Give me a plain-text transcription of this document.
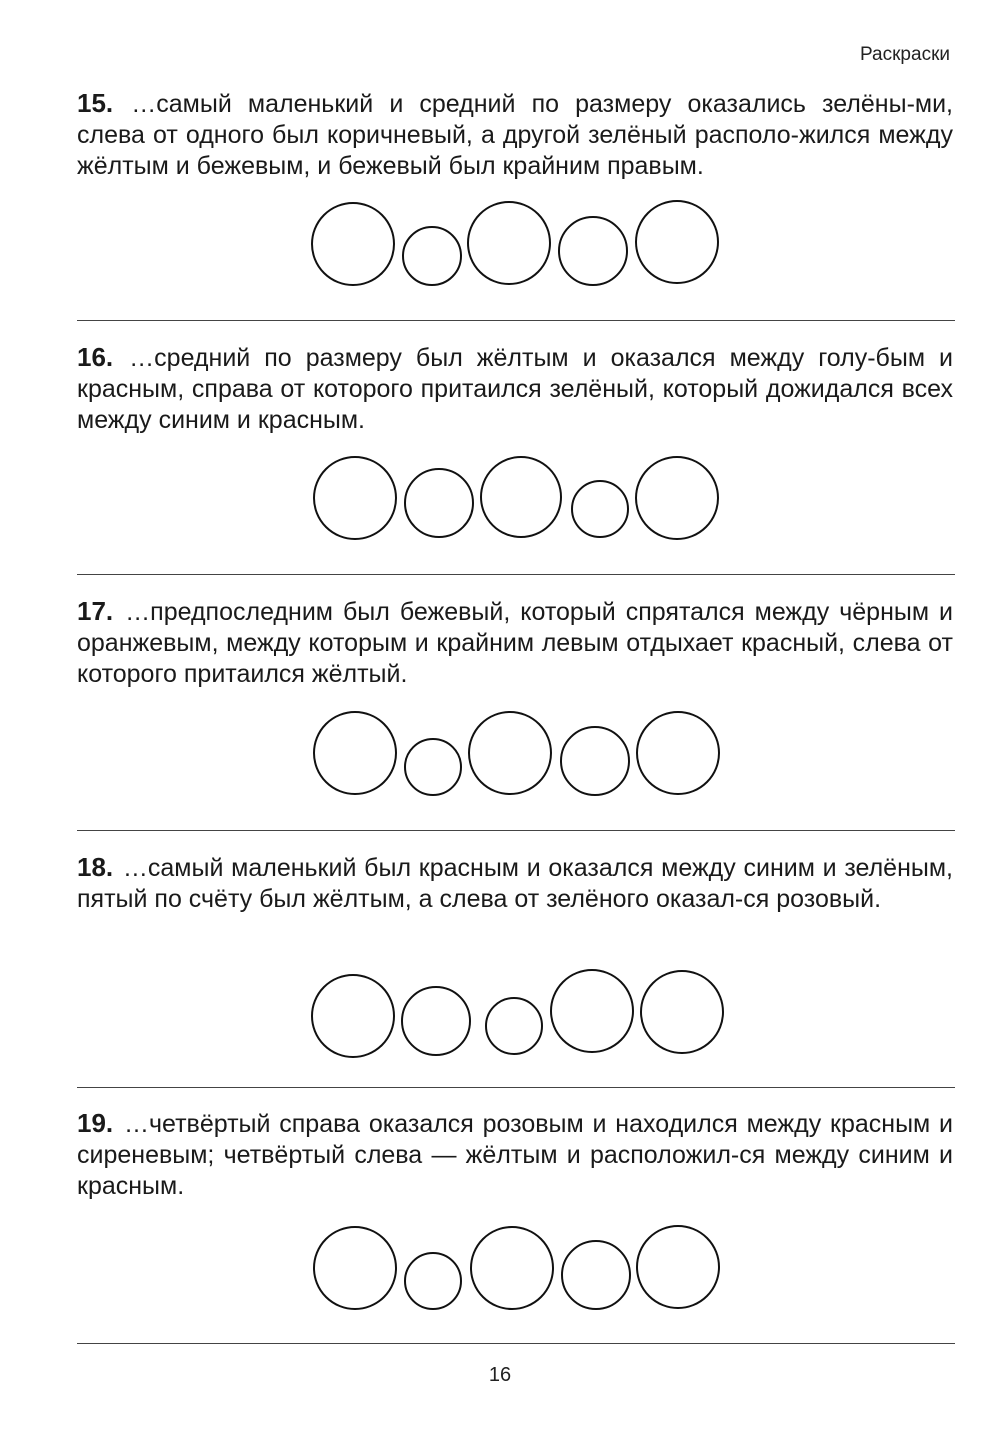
Раскраски

15. …самый маленький и средний по размеру оказались зелёны-ми, слева от одного был коричневый, а другой зелёный располо-жился между жёлтым и бежевым, и бежевый был крайним правым.

16. …средний по размеру был жёлтым и оказался между голу-бым и красным, справа от которого притаился зелёный, который дожидался всех между синим и красным.

17. …предпоследним был бежевый, который спрятался между чёрным и оранжевым, между которым и крайним левым отдыхает красный, слева от которого притаился жёлтый.

18. …самый маленький был красным и оказался между синим и зелёным, пятый по счёту был жёлтым, а слева от зелёного оказал-ся розовый.

19. …четвёртый справа оказался розовым и находился между красным и сиреневым; четвёртый слева — жёлтым и расположил-ся между синим и красным.

16
